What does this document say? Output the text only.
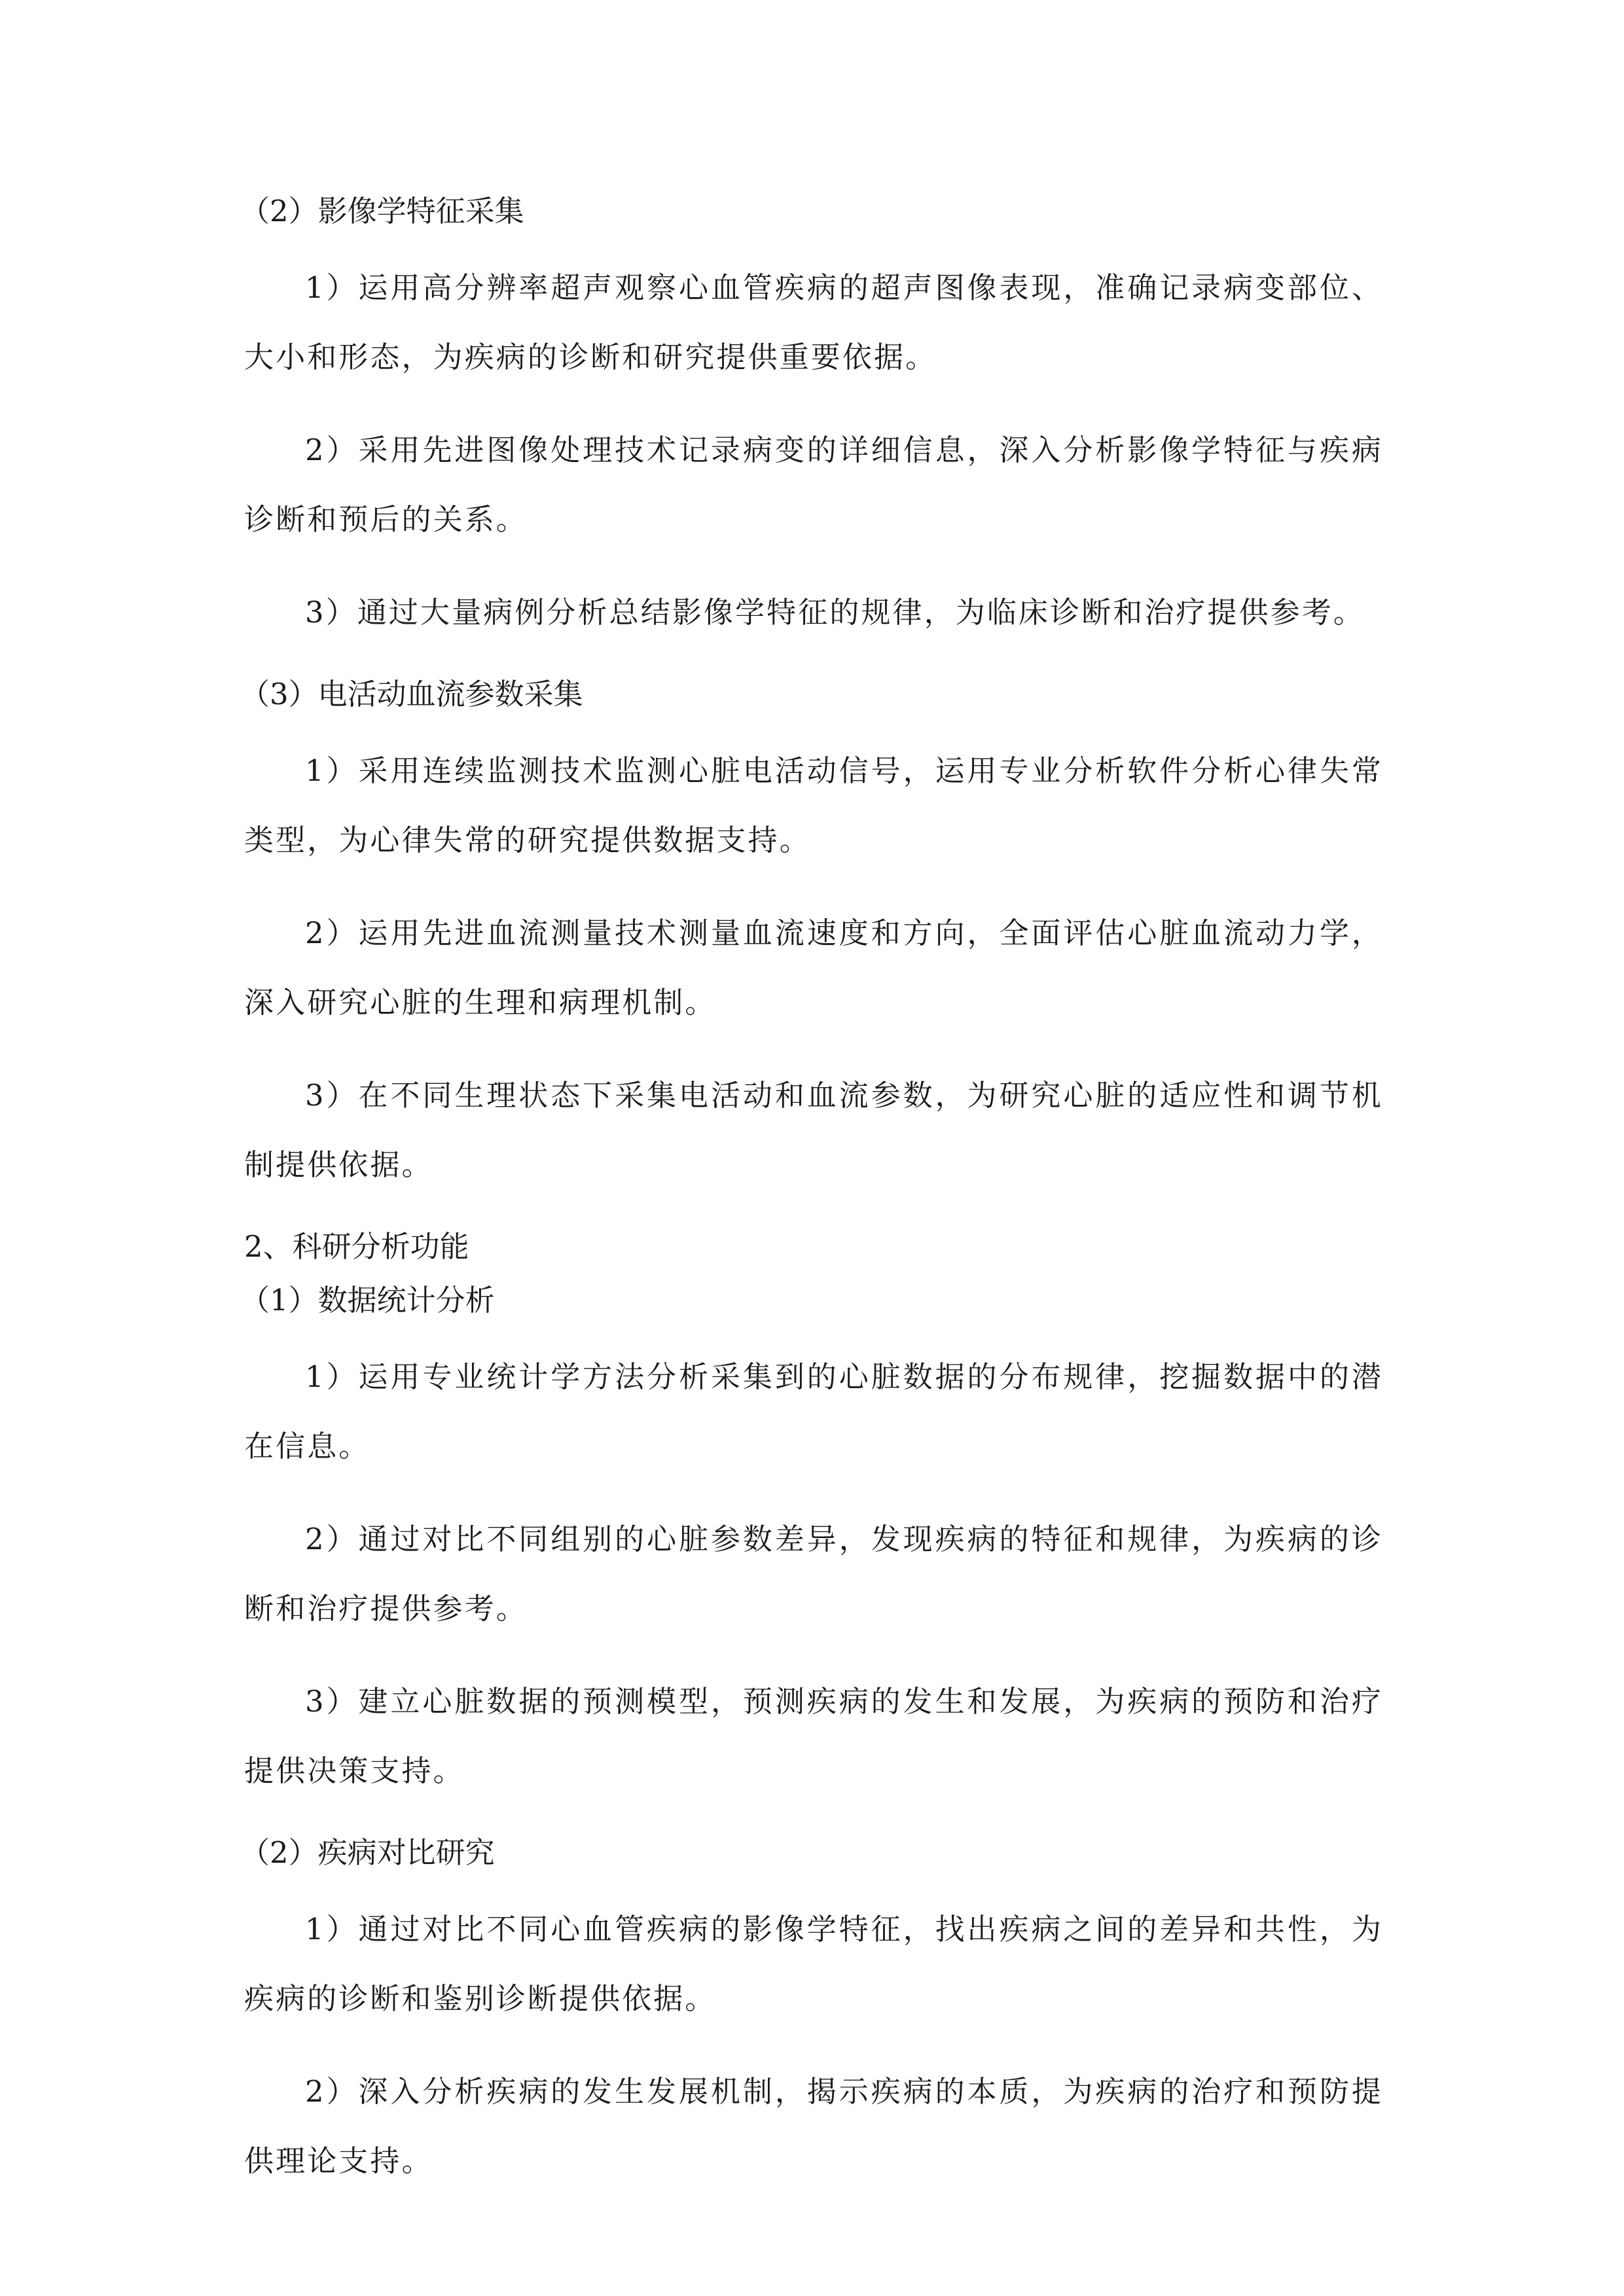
（2）影像学特征采集

1）运用高分辨率超声观察心血管疾病的超声图像表现，准确记录病变部位、大小和形态，为疾病的诊断和研究提供重要依据。

2）采用先进图像处理技术记录病变的详细信息，深入分析影像学特征与疾病诊断和预后的关系。

3）通过大量病例分析总结影像学特征的规律，为临床诊断和治疗提供参考。

（3）电活动血流参数采集

1）采用连续监测技术监测心脏电活动信号，运用专业分析软件分析心律失常类型，为心律失常的研究提供数据支持。

2）运用先进血流测量技术测量血流速度和方向，全面评估心脏血流动力学，深入研究心脏的生理和病理机制。

3）在不同生理状态下采集电活动和血流参数，为研究心脏的适应性和调节机制提供依据。

2、科研分析功能

（1）数据统计分析

1）运用专业统计学方法分析采集到的心脏数据的分布规律，挖掘数据中的潜在信息。

2）通过对比不同组别的心脏参数差异，发现疾病的特征和规律，为疾病的诊断和治疗提供参考。

3）建立心脏数据的预测模型，预测疾病的发生和发展，为疾病的预防和治疗提供决策支持。

（2）疾病对比研究

1）通过对比不同心血管疾病的影像学特征，找出疾病之间的差异和共性，为疾病的诊断和鉴别诊断提供依据。

2）深入分析疾病的发生发展机制，揭示疾病的本质，为疾病的治疗和预防提供理论支持。
